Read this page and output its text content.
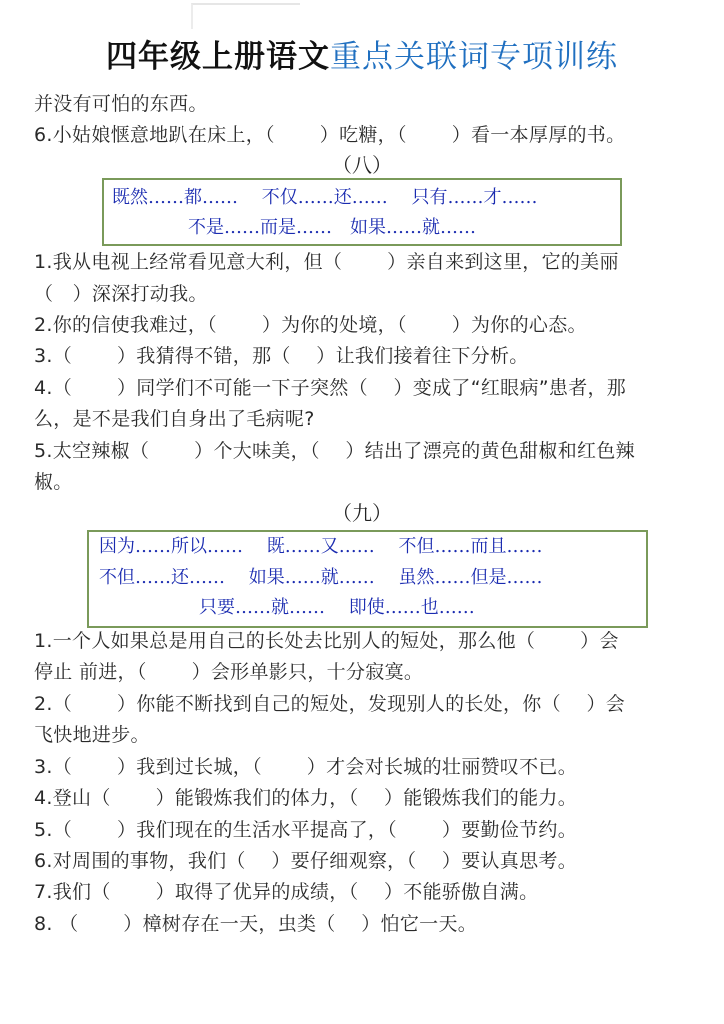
四年级上册语文重点关联词专项训练
并没有可怕的东西。
6.小姑娘惬意地趴在床上，（　　 ）吃糖，（　　 ）看一本厚厚的书。
（八）
既然……都……　 不仅……还……　 只有……才……
不是……而是……　如果……就……
1.我从电视上经常看见意大利，但（　　 ）亲自来到这里，它的美丽
（　）深深打动我。
2.你的信使我难过，（　　 ）为你的处境，（　　 ）为你的心态。
3.（　　 ）我猜得不错，那（　 ）让我们接着往下分析。
4.（　　 ）同学们不可能一下子突然（　 ）变成了“红眼病”患者，那
么，是不是我们自身出了毛病呢?
5.太空辣椒（　　 ）个大味美，（　 ）结出了漂亮的黄色甜椒和红色辣
椒。
（九）
因为……所以……　 既……又……　 不但……而且……
不但……还……　 如果……就……　 虽然……但是……
只要……就……　 即使……也……
1.一个人如果总是用自己的长处去比别人的短处，那么他（　　 ）会
停止 前进，（　　 ）会形单影只，十分寂寞。
2.（　　 ）你能不断找到自己的短处，发现别人的长处，你（　 ）会
飞快地进步。
3.（　　 ）我到过长城，（　　 ）才会对长城的壮丽赞叹不已。
4.登山（　　 ）能锻炼我们的体力，（　 ）能锻炼我们的能力。
5.（　　 ）我们现在的生活水平提高了，（　　 ）要勤俭节约。
6.对周围的事物，我们（　 ）要仔细观察，（　 ）要认真思考。
7.我们（　　 ）取得了优异的成绩，（　 ）不能骄傲自满。
8. （　　 ）樟树存在一天，虫类（　 ）怕它一天。
